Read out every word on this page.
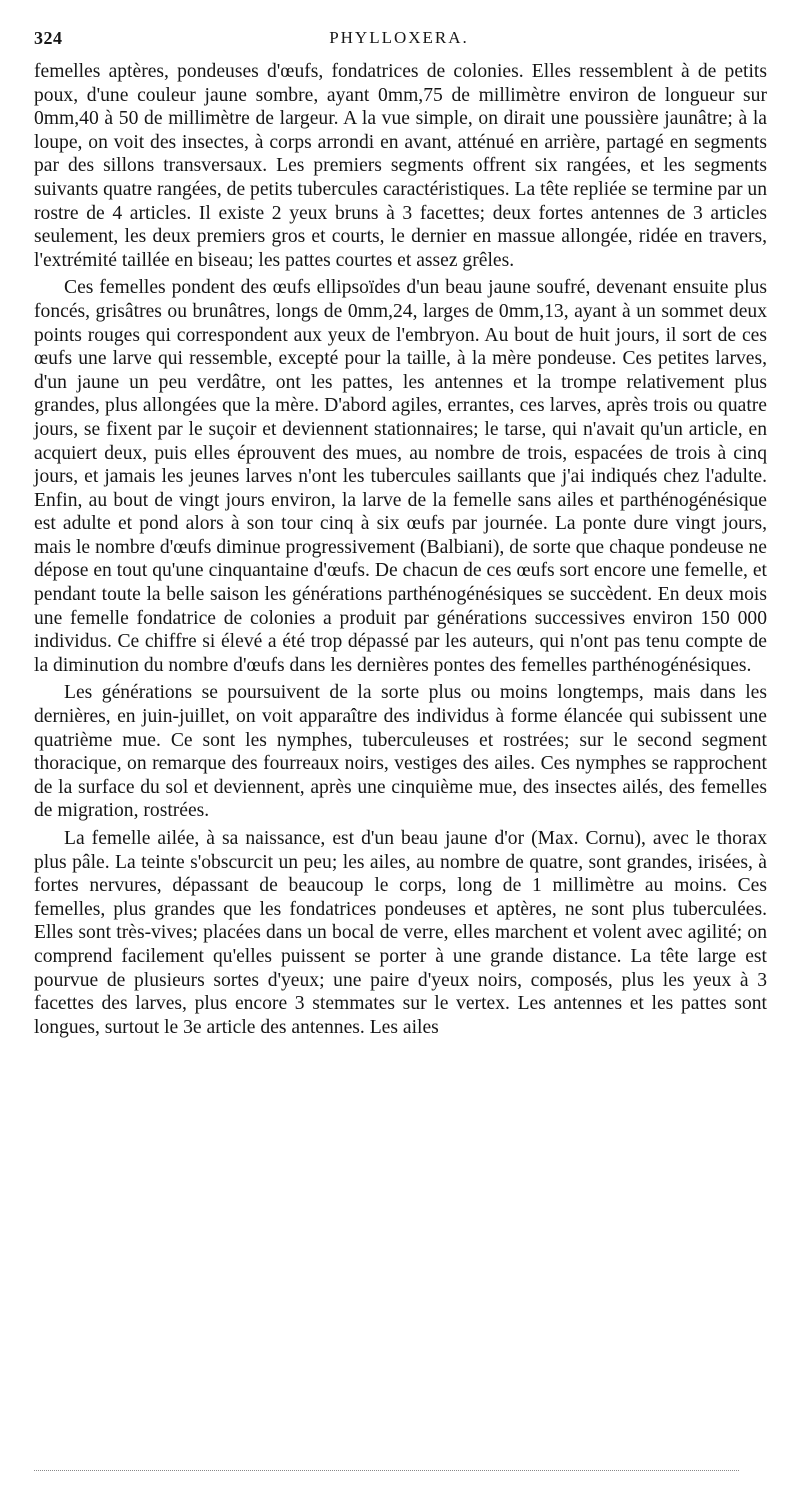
324	PHYLLOXERA.

femelles aptères, pondeuses d'œufs, fondatrices de colonies. Elles ressemblent à de petits poux, d'une couleur jaune sombre, ayant 0mm,75 de millimètre environ de longueur sur 0mm,40 à 50 de millimètre de largeur. A la vue simple, on dirait une poussière jaunâtre; à la loupe, on voit des insectes, à corps arrondi en avant, atténué en arrière, partagé en segments par des sillons transversaux. Les premiers segments offrent six rangées, et les segments suivants quatre rangées, de petits tubercules caractéristiques. La tête repliée se termine par un rostre de 4 articles. Il existe 2 yeux bruns à 3 facettes; deux fortes antennes de 3 articles seulement, les deux premiers gros et courts, le dernier en massue allongée, ridée en travers, l'extrémité taillée en biseau; les pattes courtes et assez grêles.

Ces femelles pondent des œufs ellipsoïdes d'un beau jaune soufré, devenant ensuite plus foncés, grisâtres ou brunâtres, longs de 0mm,24, larges de 0mm,13, ayant à un sommet deux points rouges qui correspondent aux yeux de l'embryon. Au bout de huit jours, il sort de ces œufs une larve qui ressemble, excepté pour la taille, à la mère pondeuse. Ces petites larves, d'un jaune un peu verdâtre, ont les pattes, les antennes et la trompe relativement plus grandes, plus allongées que la mère. D'abord agiles, errantes, ces larves, après trois ou quatre jours, se fixent par le suçoir et deviennent stationnaires; le tarse, qui n'avait qu'un article, en acquiert deux, puis elles éprouvent des mues, au nombre de trois, espacées de trois à cinq jours, et jamais les jeunes larves n'ont les tubercules saillants que j'ai indiqués chez l'adulte. Enfin, au bout de vingt jours environ, la larve de la femelle sans ailes et parthénogénésique est adulte et pond alors à son tour cinq à six œufs par journée. La ponte dure vingt jours, mais le nombre d'œufs diminue progressivement (Balbiani), de sorte que chaque pondeuse ne dépose en tout qu'une cinquantaine d'œufs. De chacun de ces œufs sort encore une femelle, et pendant toute la belle saison les générations parthénogénésiques se succèdent. En deux mois une femelle fondatrice de colonies a produit par générations successives environ 150 000 individus. Ce chiffre si élevé a été trop dépassé par les auteurs, qui n'ont pas tenu compte de la diminution du nombre d'œufs dans les dernières pontes des femelles parthénogénésiques.

Les générations se poursuivent de la sorte plus ou moins longtemps, mais dans les dernières, en juin-juillet, on voit apparaître des individus à forme élancée qui subissent une quatrième mue. Ce sont les nymphes, tuberculeuses et rostrées; sur le second segment thoracique, on remarque des fourreaux noirs, vestiges des ailes. Ces nymphes se rapprochent de la surface du sol et deviennent, après une cinquième mue, des insectes ailés, des femelles de migration, rostrées.

La femelle ailée, à sa naissance, est d'un beau jaune d'or (Max. Cornu), avec le thorax plus pâle. La teinte s'obscurcit un peu; les ailes, au nombre de quatre, sont grandes, irisées, à fortes nervures, dépassant de beaucoup le corps, long de 1 millimètre au moins. Ces femelles, plus grandes que les fondatrices pondeuses et aptères, ne sont plus tuberculées. Elles sont très-vives; placées dans un bocal de verre, elles marchent et volent avec agilité; on comprend facilement qu'elles puissent se porter à une grande distance. La tête large est pourvue de plusieurs sortes d'yeux; une paire d'yeux noirs, composés, plus les yeux à 3 facettes des larves, plus encore 3 stemmates sur le vertex. Les antennes et les pattes sont longues, surtout le 3e article des antennes. Les ailes
